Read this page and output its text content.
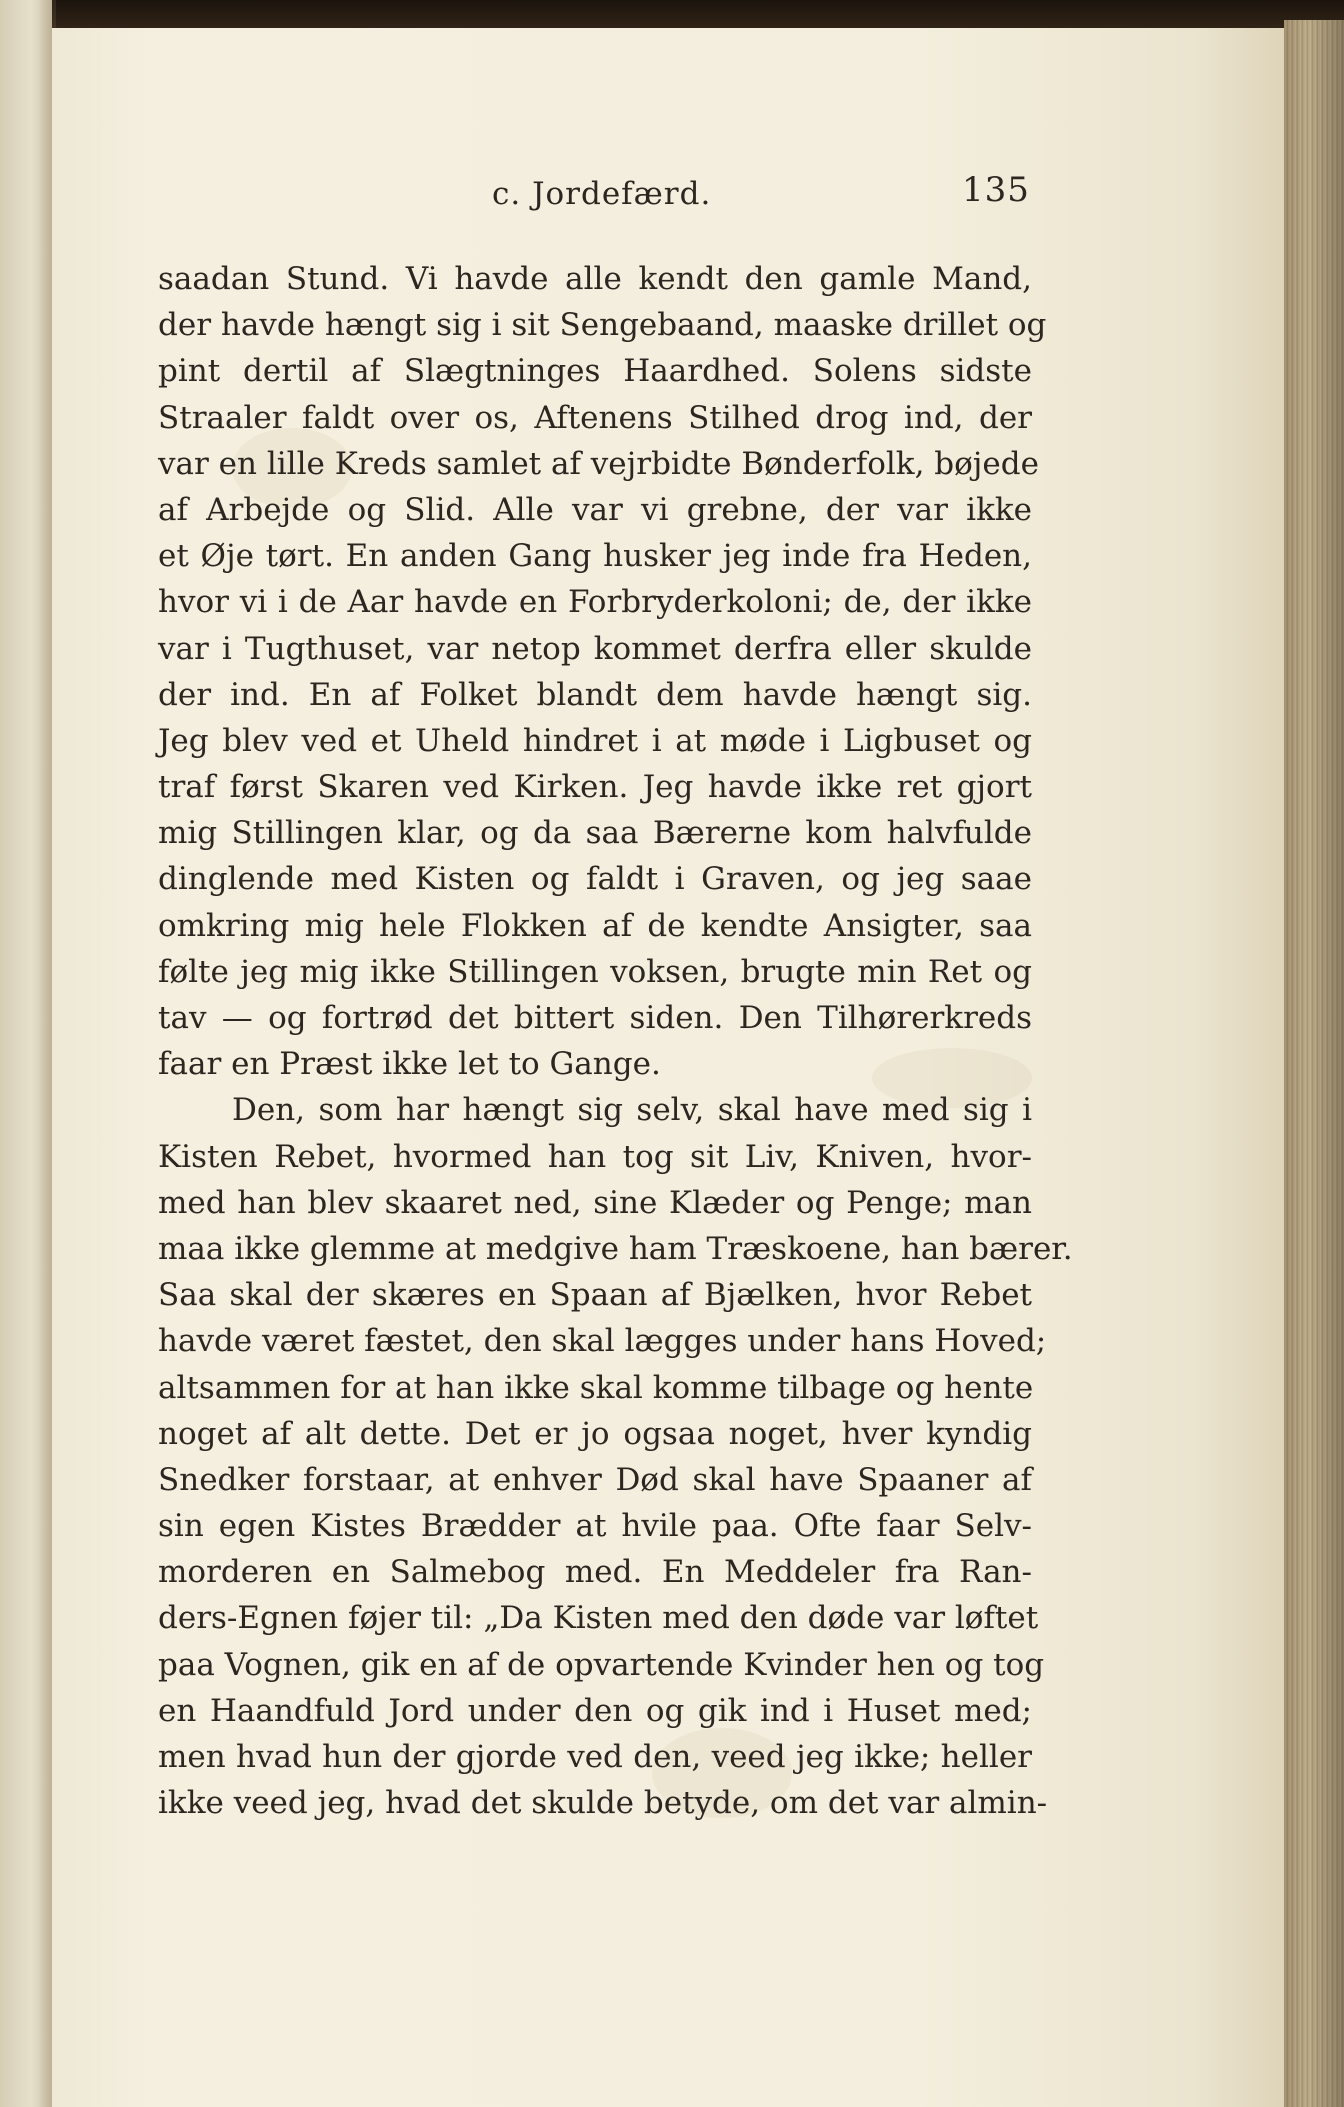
c. Jordefærd.	135
saadan Stund. Vi havde alle kendt den gamle Mand,
der havde hængt sig i sit Sengebaand, maaske drillet og
pint dertil af Slægtninges Haardhed. Solens sidste
Straaler faldt over os, Aftenens Stilhed drog ind, der
var en lille Kreds samlet af vejrbidte Bønderfolk, bøjede
af Arbejde og Slid. Alle var vi grebne, der var ikke
et Øje tørt. En anden Gang husker jeg inde fra Heden,
hvor vi i de Aar havde en Forbryderkoloni; de, der ikke
var i Tugthuset, var netop kommet derfra eller skulde
der ind. En af Folket blandt dem havde hængt sig.
Jeg blev ved et Uheld hindret i at møde i Ligbuset og
traf først Skaren ved Kirken. Jeg havde ikke ret gjort
mig Stillingen klar, og da saa Bærerne kom halvfulde
dinglende med Kisten og faldt i Graven, og jeg saae
omkring mig hele Flokken af de kendte Ansigter, saa
følte jeg mig ikke Stillingen voksen, brugte min Ret og
tav — og fortrød det bittert siden. Den Tilhørerkreds
faar en Præst ikke let to Gange.
Den, som har hængt sig selv, skal have med sig i
Kisten Rebet, hvormed han tog sit Liv, Kniven, hvor-
med han blev skaaret ned, sine Klæder og Penge; man
maa ikke glemme at medgive ham Træskoene, han bærer.
Saa skal der skæres en Spaan af Bjælken, hvor Rebet
havde været fæstet, den skal lægges under hans Hoved;
altsammen for at han ikke skal komme tilbage og hente
noget af alt dette. Det er jo ogsaa noget, hver kyndig
Snedker forstaar, at enhver Død skal have Spaaner af
sin egen Kistes Brædder at hvile paa. Ofte faar Selv-
morderen en Salmebog med. En Meddeler fra Ran-
ders-Egnen føjer til: „Da Kisten med den døde var løftet
paa Vognen, gik en af de opvartende Kvinder hen og tog
en Haandfuld Jord under den og gik ind i Huset med;
men hvad hun der gjorde ved den, veed jeg ikke; heller
ikke veed jeg, hvad det skulde betyde, om det var almin-
